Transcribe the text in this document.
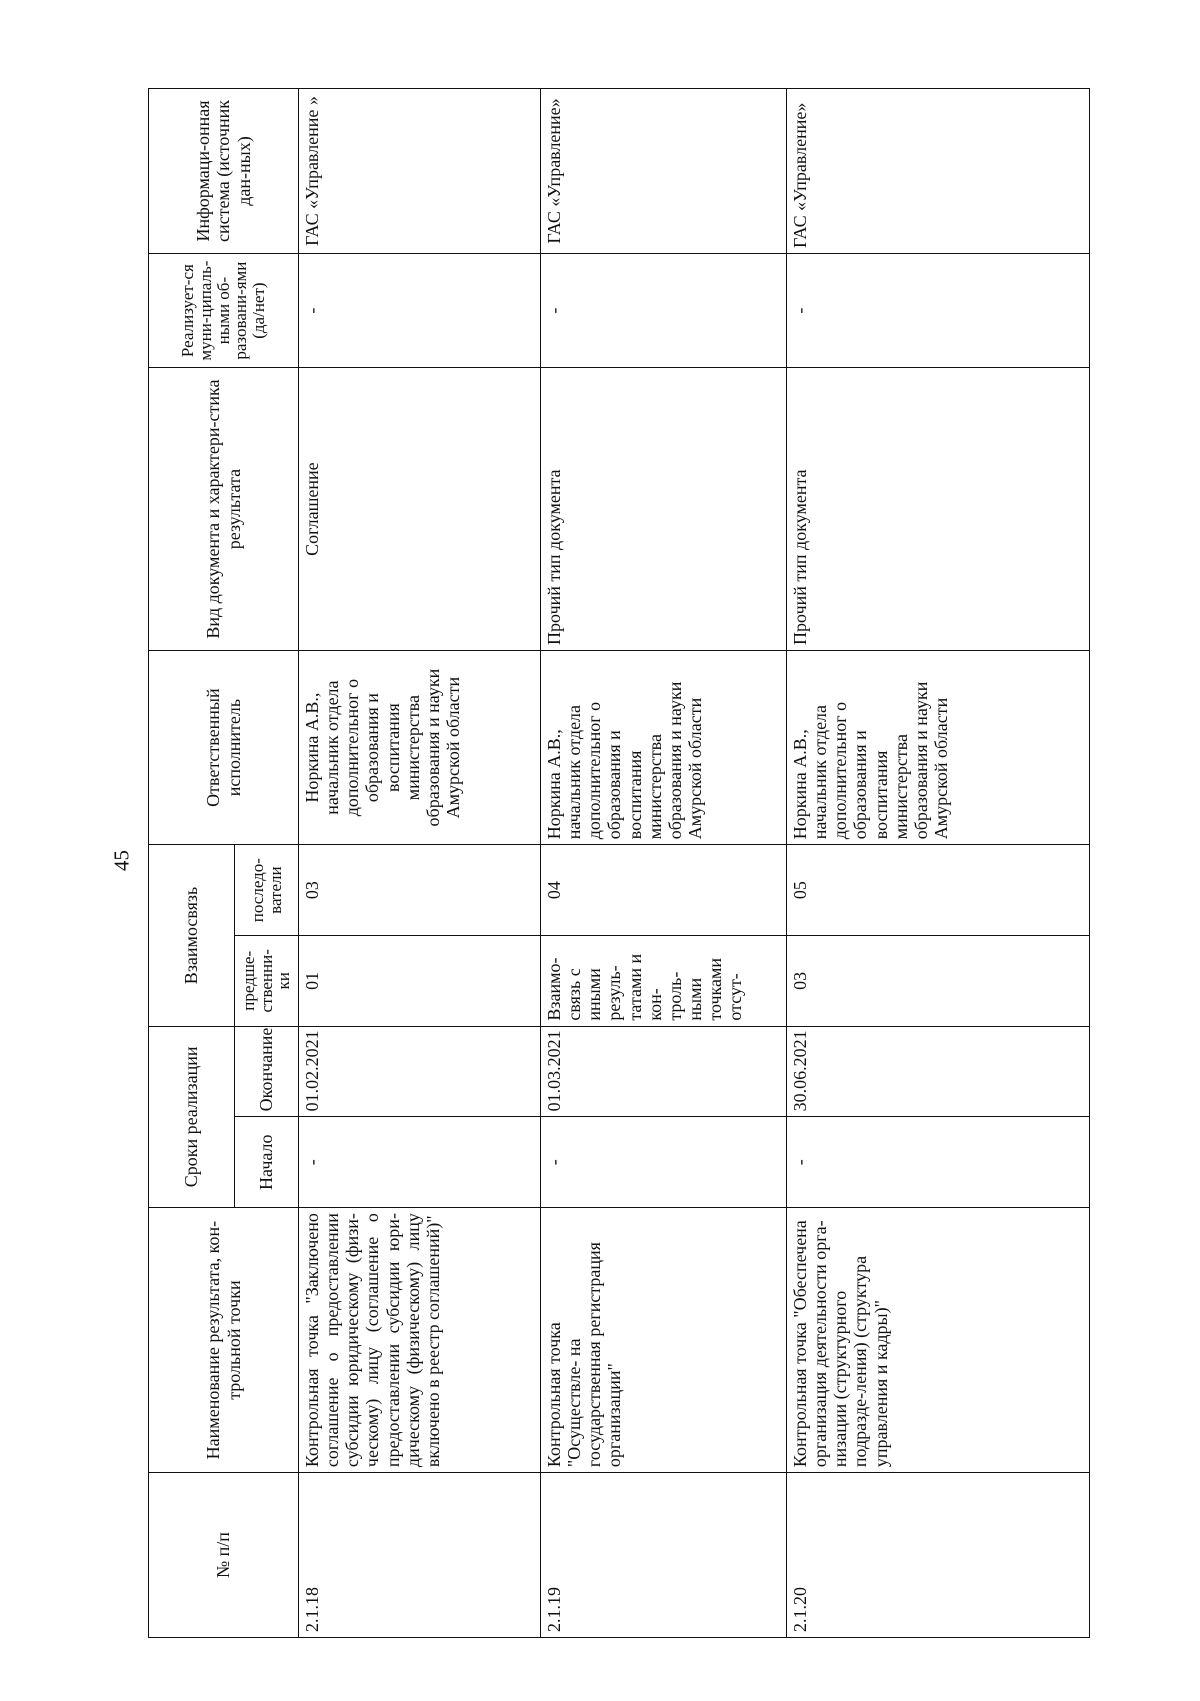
45
№ п/п	Наименование результата, кон-трольной точки	Сроки реализации		Взаимосвязь		Ответственный исполнитель	Вид документа и характери-стика результата	Реализует-ся муни-ципаль-ными об-разовани-ями (да/нет)	Информаци-онная система (источник дан-ных)
		Начало	Окончание	предше-ственни-ки	последо-ватели				
2.1.18	Контрольная точка "Заключено соглашение о предоставлении субсидии юридическому (физи-ческому) лицу (соглашение о предоставлении субсидии юри-дическому (физическому) лицу включено в реестр соглашений)"	-	01.02.2021	01	03	Норкина А.В., начальник отдела дополнительног о образования и воспитания министерства образования и науки Амурской области	Соглашение	-	ГАС «Управление »
2.1.19	Контрольная точка "Осуществле- на государственная регистрация организации"	-	01.03.2021	Взаимо-связь с иными резуль-татами и кон-троль-ными точками отсут-	04	Норкина А.В., начальник отдела дополнительног о образования и воспитания министерства образования и науки Амурской области	Прочий тип документа	-	ГАС «Управление»
2.1.20	Контрольная точка "Обеспечена организация деятельности орга-низации (структурного подразде-ления) (структура управления и кадры)"	-	30.06.2021	03	05	Норкина А.В., начальник отдела дополнительног о образования и воспитания министерства образования и науки Амурской области	Прочий тип документа	-	ГАС «Управление»
